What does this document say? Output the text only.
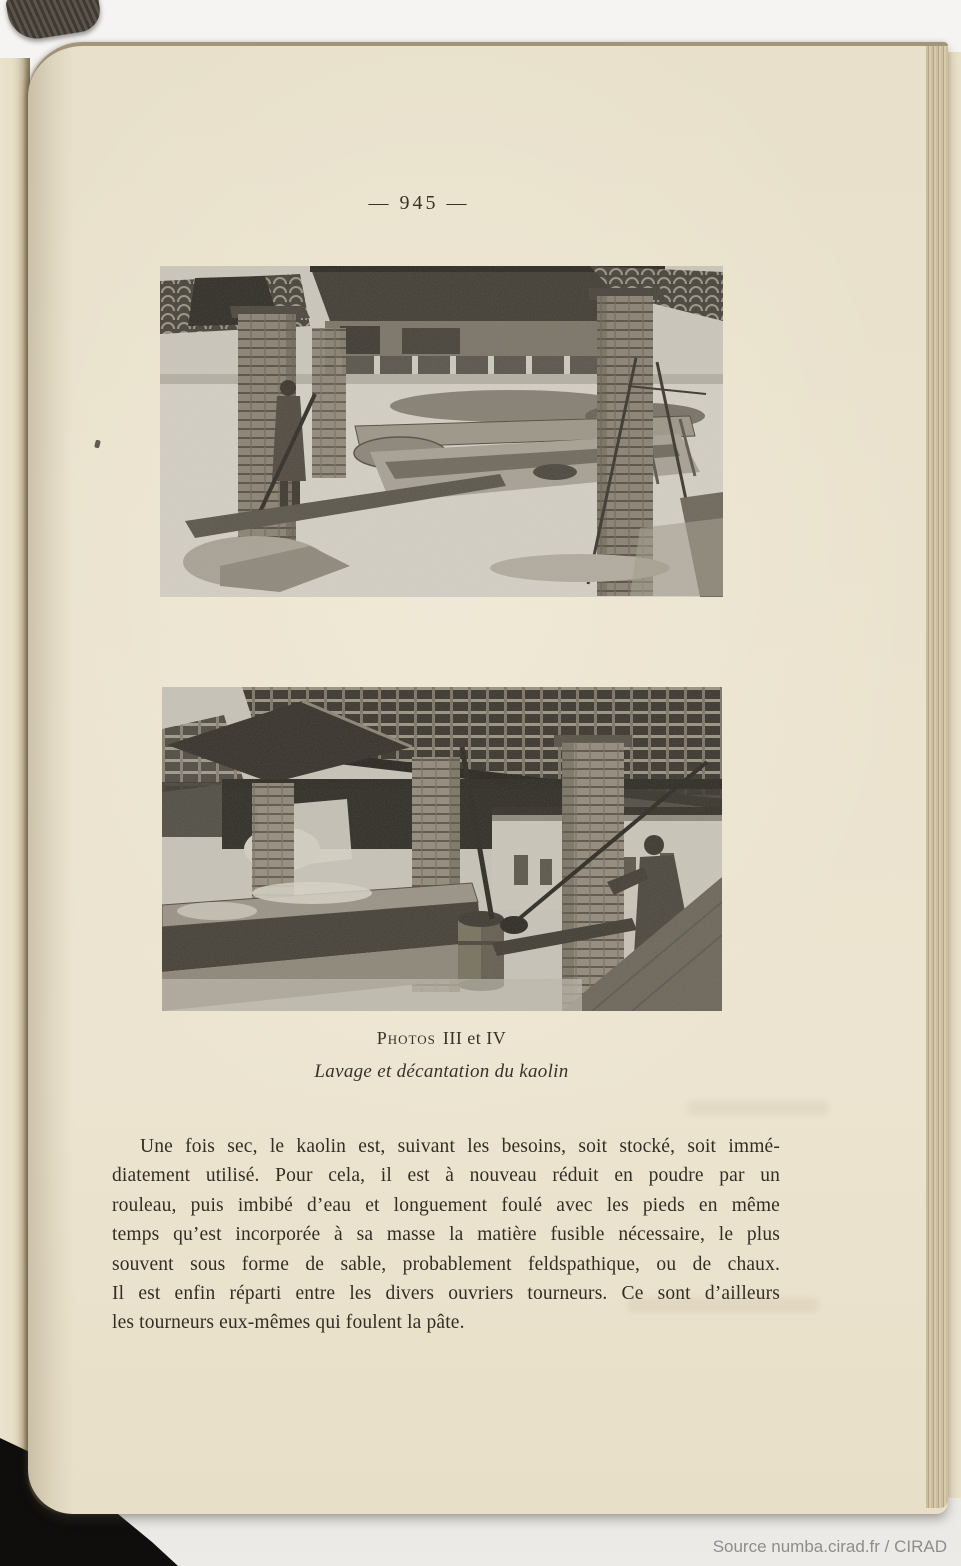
— 945 —
Photos III et IV
Lavage et décantation du kaolin
Une fois sec, le kaolin est, suivant les besoins, soit stocké, soit immé-
diatement utilisé. Pour cela, il est à nouveau réduit en poudre par un
rouleau, puis imbibé d’eau et longuement foulé avec les pieds en même
temps qu’est incorporée à sa masse la matière fusible nécessaire, le plus
souvent sous forme de sable, probablement feldspathique, ou de chaux.
Il est enfin réparti entre les divers ouvriers tourneurs. Ce sont d’ailleurs
les tourneurs eux-mêmes qui foulent la pâte.
Source numba.cirad.fr / CIRAD
